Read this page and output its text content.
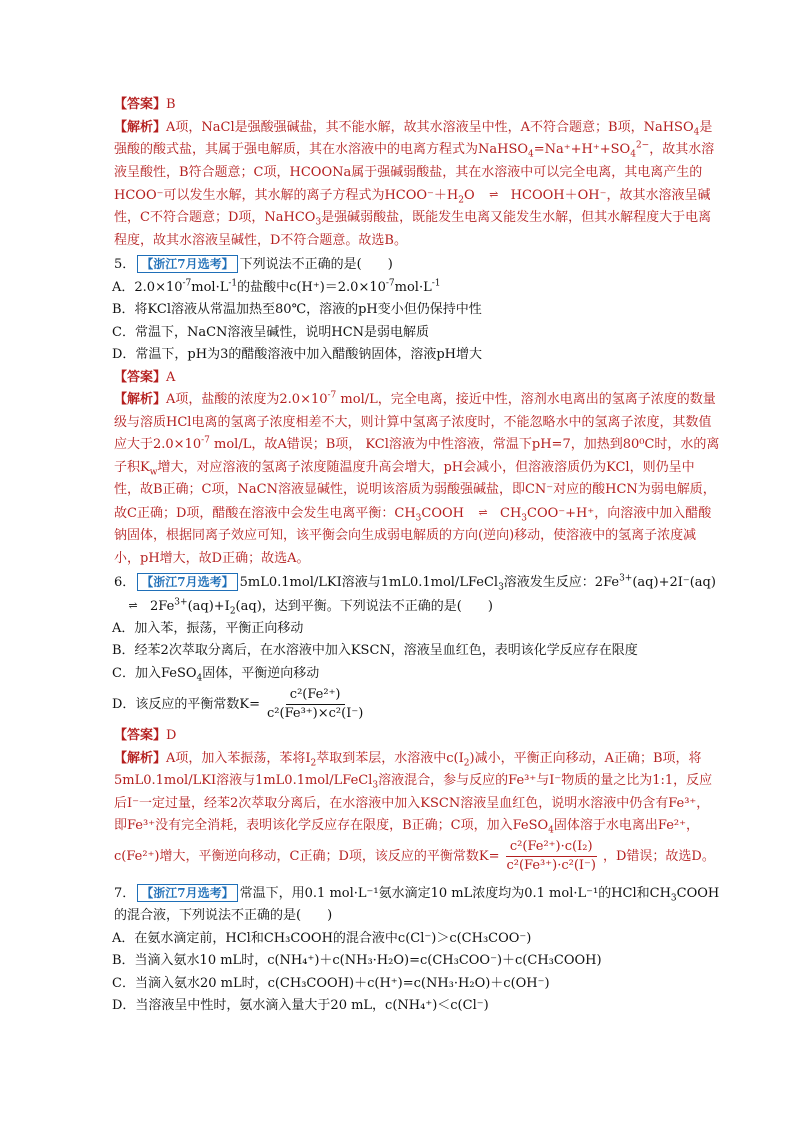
【答案】B

【解析】A项，NaCl是强酸强碱盐，其不能水解，故其水溶液呈中性，A不符合题意；B项，NaHSO$_4$是强酸的酸式盐，其属于强电解质，其在水溶液中的电离方程式为$NaHSO_4=Na^++H^++SO_4^{2-}$，故其水溶液呈酸性，B符合题意；C项，HCOONa属于强碱弱酸盐，其在水溶液中可以完全电离，其电离产生的HCOO⁻可以发生水解，其水解的离子方程式为$HCOO^-+H_2O$ ⇌ HCOOH＋OH⁻，故其水溶液呈碱性，C不符合题意；D项，NaHCO$_3$是强碱弱酸盐，既能发生电离又能发生水解，但其水解程度大于电离程度，故其水溶液呈碱性，D不符合题意。故选B。

5． 【浙江7月选考】 下列说法不正确的是(　　)

A．$2.0\times 10^{-7}mol\cdot L^{-1}$的盐酸中$c(H^+)=2.0\times 10^{-7}mol\cdot L^{-1}$

B．将KCl溶液从常温加热至80℃，溶液的pH变小但仍保持中性

C．常温下，NaCN溶液呈碱性，说明HCN是弱电解质

D．常温下，pH为3的醋酸溶液中加入醋酸钠固体，溶液pH增大

【答案】A

【解析】A项，盐酸的浓度为$2.0\times 10^{-7}$ mol/L，完全电离，接近中性，溶剂水电离出的氢离子浓度的数量级与溶质HCl电离的氢离子浓度相差不大，则计算中氢离子浓度时，不能忽略水中的氢离子浓度，其数值应大于$2.0\times 10^{-7}$ mol/L，故A错误；B项， KCl溶液为中性溶液，常温下pH=7，加热到80⁰C时，水的离子积$K_w$增大，对应溶液的氢离子浓度随温度升高会增大，pH会减小，但溶液溶质仍为KCl，则仍呈中性，故B正确；C项，NaCN溶液显碱性，说明该溶质为弱酸强碱盐，即CN⁻对应的酸HCN为弱电解质，故C正确；D项，醋酸在溶液中会发生电离平衡：$CH_3COOH$ ⇌ $CH_3COO^-+H^+$，向溶液中加入醋酸钠固体，根据同离子效应可知，该平衡会向生成弱电解质的方向(逆向)移动，使溶液中的氢离子浓度减小，pH增大，故D正确；故选A。

6． 【浙江7月选考】 5mL0.1mol/LKI溶液与1mL0.1mol/LFeCl$_3$溶液发生反应：$2Fe^{3+}(aq)+2I^-(aq)\rightleftharpoons$ $2Fe^{3+}(aq)+I_2(aq)$，达到平衡。下列说法不正确的是(　　)

A．加入苯，振荡，平衡正向移动

B．经苯2次萃取分离后，在水溶液中加入KSCN，溶液呈血红色，表明该化学反应存在限度

C．加入FeSO$_4$固体，平衡逆向移动

D．该反应的平衡常数$K= \frac{\text{c²(Fe²⁺)}}{\text{c²(Fe³⁺)×c²(I⁻)}}$

【答案】D

【解析】A项，加入苯振荡，苯将$I_2$萃取到苯层，水溶液中$c(I_2)$减小，平衡正向移动，A正确；B项，将5mL0.1mol/LKI溶液与1mL0.1mol/LFeCl$_3$溶液混合，参与反应的Fe³⁺与I⁻物质的量之比为1:1，反应后I⁻一定过量，经苯2次萃取分离后，在水溶液中加入KSCN溶液呈血红色，说明水溶液中仍含有Fe³⁺，即Fe³⁺没有完全消耗，表明该化学反应存在限度，B正确；C项，加入FeSO$_4$固体溶于水电离出Fe²⁺，c(Fe²⁺)增大，平衡逆向移动，C正确；D项，该反应的平衡常数$K= \frac{\text{c²(Fe²⁺)·c(I₂)}}{\text{c²(Fe³⁺)·c²(I⁻)}}$ ，D错误；故选D。

7． 【浙江7月选考】 常温下，用0.1 mol·L⁻¹氨水滴定10 mL浓度均为0.1 mol·L⁻¹的HCl和$CH_3COOH$的混合液，下列说法不正确的是(　　)

A．在氨水滴定前，HCl和CH₃COOH的混合液中c(Cl⁻)＞c(CH₃COO⁻)

B．当滴入氨水10 mL时，c(NH₄⁺)＋c(NH₃·H₂O)=c(CH₃COO⁻)＋c(CH₃COOH)

C．当滴入氨水20 mL时，c(CH₃COOH)＋c(H⁺)=c(NH₃·H₂O)＋c(OH⁻)

D．当溶液呈中性时，氨水滴入量大于20 mL，c(NH₄⁺)＜c(Cl⁻)
